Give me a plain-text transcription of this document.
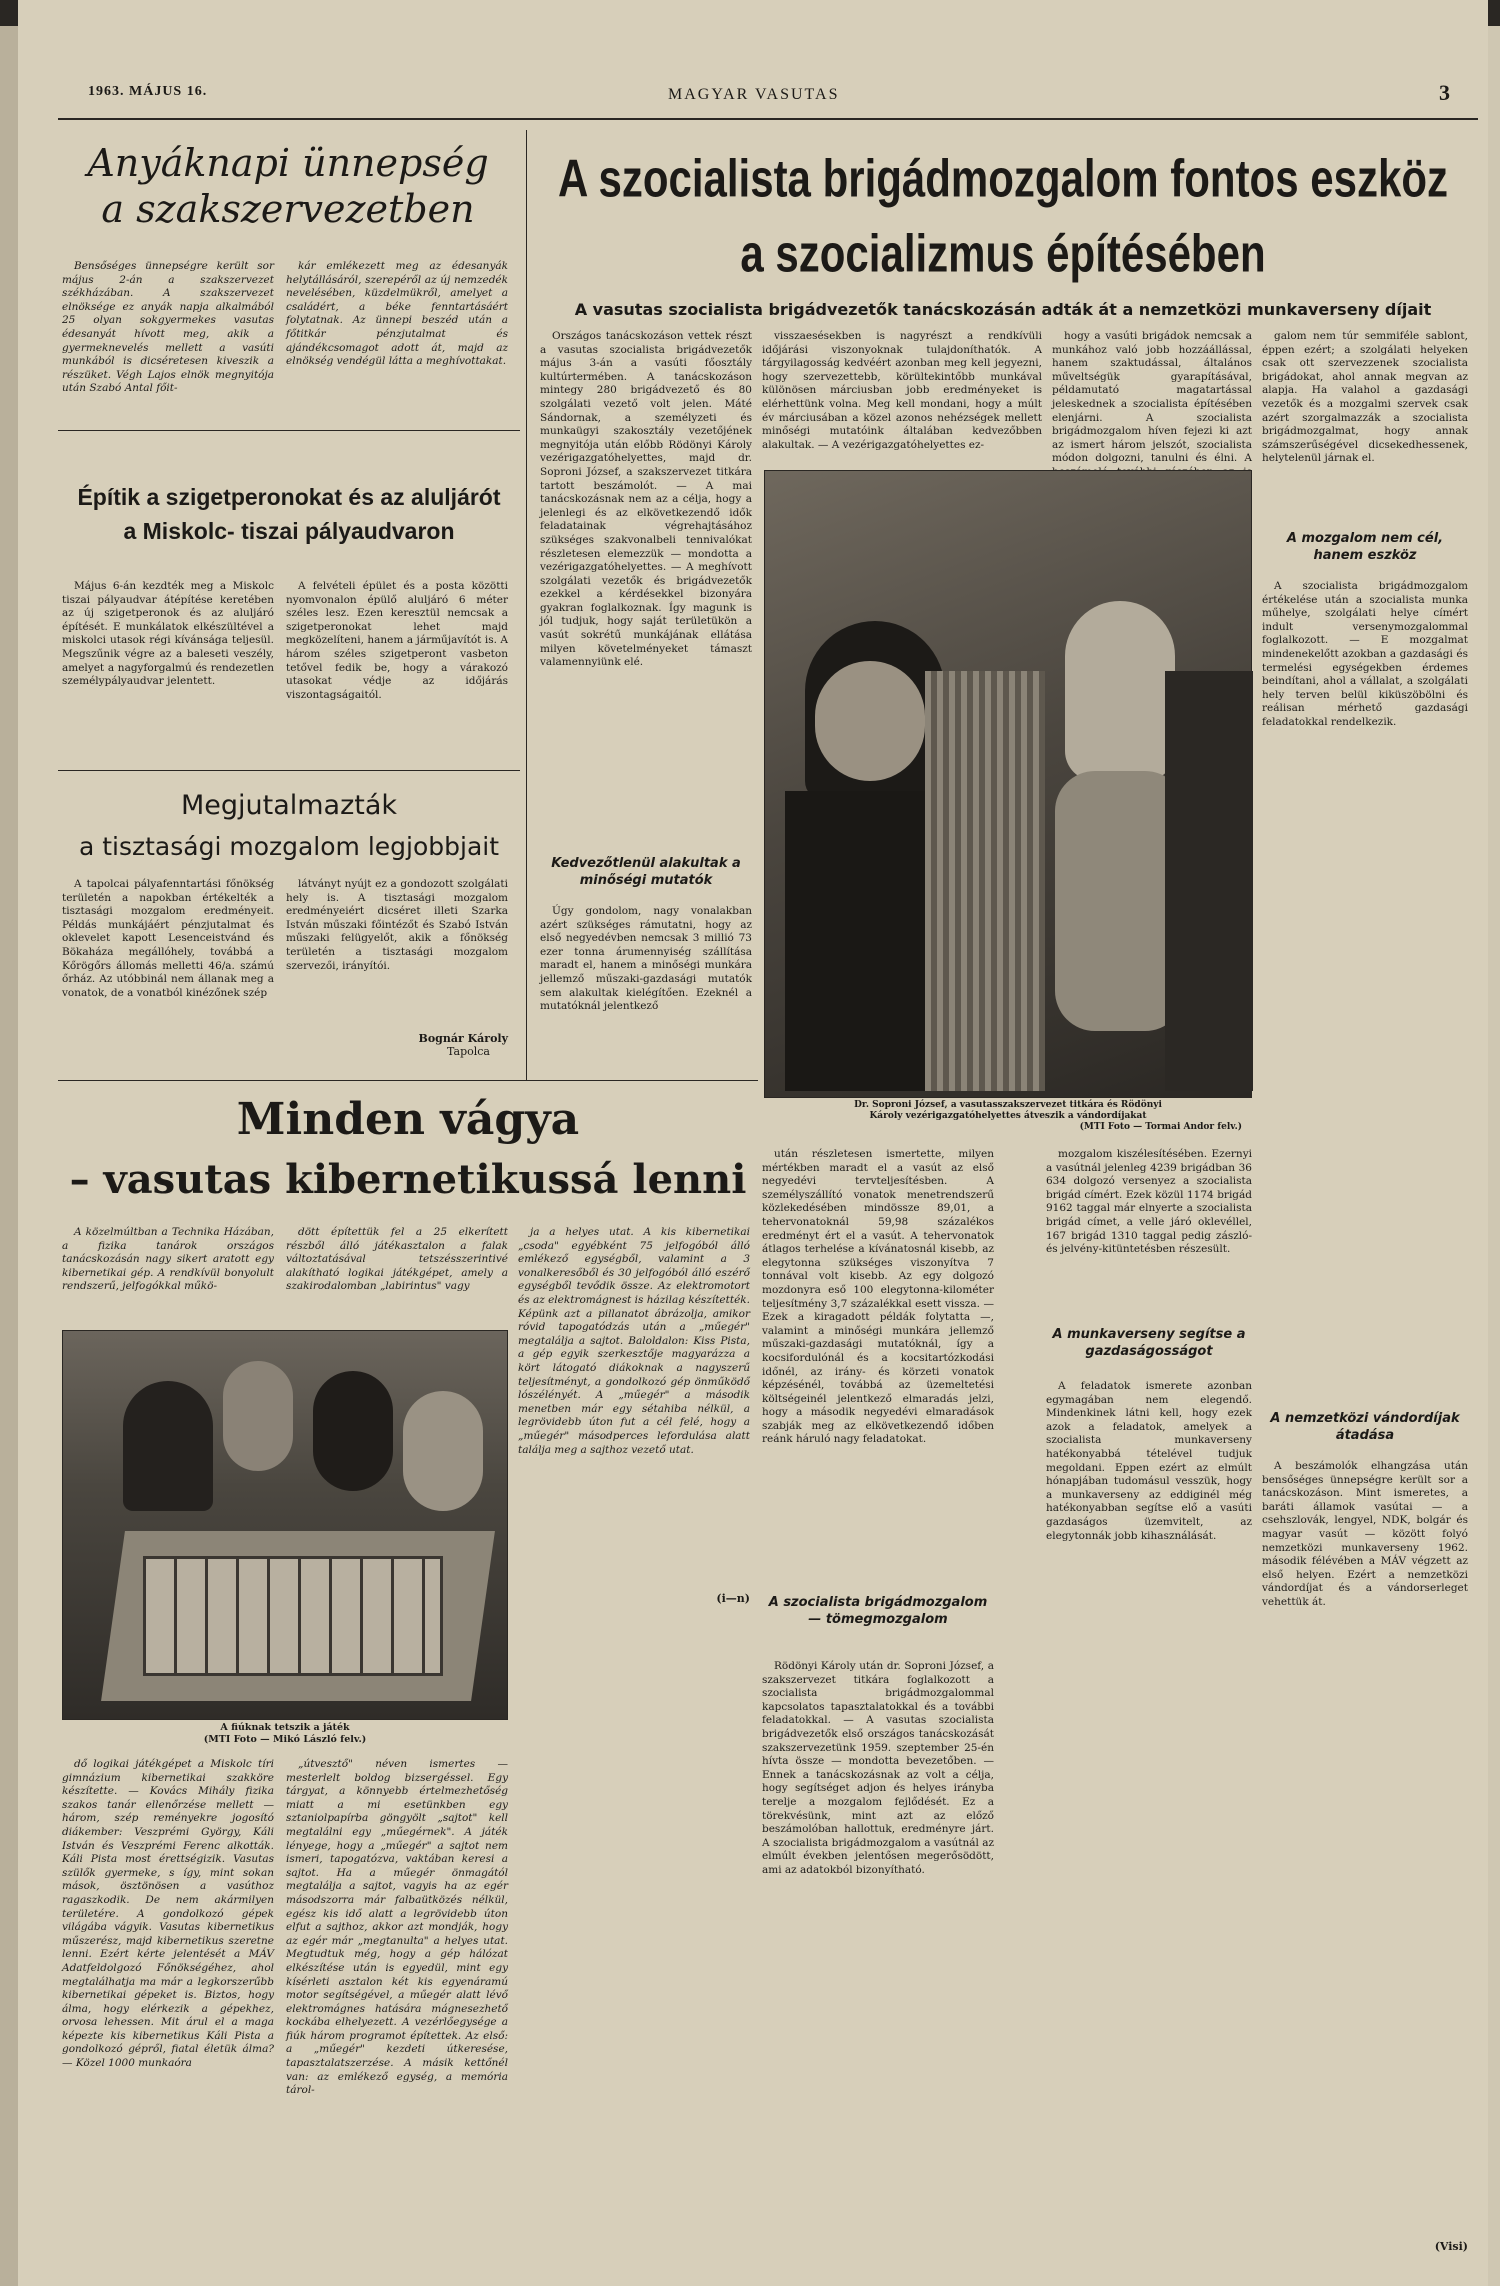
1963. MÁJUS 16.	MAGYAR VASUTAS	3
Anyáknapi ünnepség
a szakszervezetben

Bensőséges ünnepségre került sor május 2-án a szakszervezet székházában. A szakszervezet elnöksége ez anyák napja alkalmából 25 olyan sokgyermekes vasutas édesanyát hívott meg, akik a gyermeknevelés mellett a vasúti munkából is dicséretesen kiveszik a részüket. Végh Lajos elnök megnyitója után Szabó Antal főit-

kár emlékezett meg az édesanyák helytállásáról, szerepéről az új nemzedék nevelésében, küzdelmükről, amelyet a családért, a béke fenntartásáért folytatnak. Az ünnepi beszéd után a főtitkár pénzjutalmat és ajándékcsomagot adott át, majd az elnökség vendégül látta a meghívottakat.

Építik a szigetperonokat és az aluljárót
a Miskolc- tiszai pályaudvaron

Május 6-án kezdték meg a Miskolc tiszai pályaudvar átépítése keretében az új szigetperonok és az aluljáró építését. E munkálatok elkészültével a miskolci utasok régi kívánsága teljesül. Megszűnik végre az a baleseti veszély, amelyet a nagyforgalmú és rendezetlen személypályaudvar jelentett.

A felvételi épület és a posta közötti nyomvonalon épülő aluljáró 6 méter széles lesz. Ezen keresztül nemcsak a szigetperonokat lehet majd megközelíteni, hanem a járműjavítót is. A három széles szigetperont vasbeton tetővel fedik be, hogy a várakozó utasokat védje az időjárás viszontagságaitól.

Megjutalmazták
a tisztasági mozgalom legjobbjait

A tapolcai pályafenntartási főnökség területén a napokban értékelték a tisztasági mozgalom eredményeit. Példás munkájáért pénzjutalmat és oklevelet kapott Lesenceistvánd és Bökaháza megállóhely, továbbá a Kőrögőrs állomás melletti 46/a. számú őrház. Az utóbbinál nem állanak meg a vonatok, de a vonatból kinézőnek szép

látványt nyújt ez a gondozott szolgálati hely is. A tisztasági mozgalom eredményeiért dicséret illeti Szarka István műszaki főintézőt és Szabó István műszaki felügyelőt, akik a főnökség területén a tisztasági mozgalom szervezői, irányítói.

Bognár Károly
Tapolca
Minden vágya
– vasutas kibernetikussá lenni

A közelmúltban a Technika Házában, a fizika tanárok országos tanácskozásán nagy sikert aratott egy kibernetikai gép. A rendkívül bonyolult rendszerű, jelfogókkal műkö-

dött építettük fel a 25 elkerített részből álló játékasztalon a falak változtatásával tetszésszerintivé alakítható logikai játékgépet, amely a szakirodalomban „labirintus" vagy

A fiúknak tetszik a játék
(MTI Foto — Mikó László felv.)

ja a helyes utat. A kis kibernetikai „csoda" egyébként 75 jelfogóból álló emlékező egységből, valamint a 3 vonalkeresőből és 30 jelfogóból álló eszérő egységből tevődik össze. Az elektromotort és az elektromágnest is házilag készítették. Képünk azt a pillanatot ábrázolja, amikor róvid tapogatódzás után a „műegér" megtalálja a sajtot. Baloldalon: Kiss Pista, a gép egyik szerkesztője magyarázza a kört látogató diákoknak a nagyszerű teljesítményt, a gondolkozó gép önműködő lószélényét. A „műegér" a második menetben már egy sétahiba nélkül, a legrövidebb úton fut a cél felé, hogy a „műegér" másodperces lefordulása alatt találja meg a sajthoz vezető utat.

(i—n)

dő logikai játékgépet a Miskolc tíri gimnázium kibernetikai szakköre készítette. — Kovács Mihály fizika szakos tanár ellenőrzése mellett — három, szép reményekre jogosító diákember: Veszprémi György, Káli István és Veszprémi Ferenc alkották. Káli Pista most érettségizik. Vasutas szülők gyermeke, s így, mint sokan mások, ösztönösen a vasúthoz ragaszkodik. De nem akármilyen területére. A gondolkozó gépek világába vágyik. Vasutas kibernetikus műszerész, majd kibernetikus szeretne lenni. Ezért kérte jelentését a MÁV Adatfeldolgozó Főnökségéhez, ahol megtalálhatja ma már a legkorszerűbb kibernetikai gépeket is. Biztos, hogy álma, hogy elérkezik a gépekhez, orvosa lehessen. Mit árul el a maga képezte kis kibernetikus Káli Pista a gondolkozó gépről, fiatal életük álma? — Közel 1000 munkaóra

„útvesztő" néven ismertes — mesterlelt boldog bizsergéssel. Egy tárgyat, a könnyebb értelmezhetőség miatt a mi esetünkben egy sztaniolpapírba göngyölt „sajtot" kell megtalálni egy „műegérnek". A játék lényege, hogy a „műegér" a sajtot nem ismeri, tapogatózva, vaktában keresi a sajtot. Ha a műegér önmagától megtalálja a sajtot, vagyis ha az egér másodszorra már falbaütközés nélkül, egész kis idő alatt a legrövidebb úton elfut a sajthoz, akkor azt mondják, hogy az egér már „megtanulta" a helyes utat. Megtudtuk még, hogy a gép hálózat elkészítése után is egyedül, mint egy kísérleti asztalon két kis egyenáramú motor segítségével, a műegér alatt lévő elektromágnes hatására mágnesezhető kockába elhelyezett. A vezérlőegysége a fiúk három programot építettek. Az első: a „műegér" kezdeti útkeresése, tapasztalatszerzése. A másik kettőnél van: az emlékező egység, a memória tárol-

A szocialista brigádmozgalom fontos eszköz
a szocializmus építésében
A vasutas szocialista brigádvezetők tanácskozásán adták át a nemzetközi munkaverseny díjait

Országos tanácskozáson vettek részt a vasutas szocialista brigádvezetők május 3-án a vasúti főosztály kultúrtermében. A tanácskozáson mintegy 280 brigádvezető és 80 szolgálati vezető volt jelen. Máté Sándornak, a személyzeti és munkaügyi szakosztály vezetőjének megnyitója után előbb Rödönyi Károly vezérigazgatóhelyettes, majd dr. Soproni József, a szakszervezet titkára tartott beszámolót. — A mai tanácskozásnak nem az a célja, hogy a jelenlegi és az elkövetkezendő idők feladatainak végrehajtásához szükséges szakvonalbeli tennivalókat részletesen elemezzük — mondotta a vezérigazgatóhelyettes. — A meghívott szolgálati vezetők és brigádvezetők ezekkel a kérdésekkel bizonyára gyakran foglalkoznak. Így magunk is jól tudjuk, hogy saját területükön a vasút sokrétű munkájának ellátása milyen követelményeket támaszt valamennyiünk elé.

Kedvezőtlenül alakultak a minőségi mutatók

Úgy gondolom, nagy vonalakban azért szükséges rámutatni, hogy az első negyedévben nemcsak 3 millió 73 ezer tonna árumennyiség szállítása maradt el, hanem a minőségi munkára jellemző műszaki-gazdasági mutatók sem alakultak kielégítően. Ezeknél a mutatóknál jelentkező

visszaesésekben is nagyrészt a rendkívüli időjárási viszonyoknak tulajdoníthatók. A tárgyilagosság kedvéért azonban meg kell jegyezni, hogy szervezettebb, körültekintőbb munkával különösen márciusban jobb eredményeket is elérhettünk volna. Meg kell mondani, hogy a múlt év márciusában a közel azonos nehézségek mellett minőségi mutatóink általában kedvezőbben alakultak. — A vezérigazgatóhelyettes ez-

hogy a vasúti brigádok nemcsak a munkához való jobb hozzáállással, hanem szaktudással, általános műveltségük gyarapításával, példamutató magatartással jeleskednek a szocialista építésében elenjárni. A szocialista brigádmozgalom híven fejezi ki azt az ismert három jelszót, szocialista módon dolgozni, tanulni és élni. A

Dr. Soproni József, a vasutasszakszervezet titkára és Rödönyi
Károly vezérigazgatóhelyettes átveszik a vándordíjakat
(MTI Foto — Tormai Andor felv.)

után részletesen ismertette, milyen mértékben maradt el a vasút az első negyedévi tervteljesítésben. A személyszállító vonatok menetrendszerű közlekedésében mindössze 89,01, a tehervonatoknál 59,98 százalékos eredményt ért el a vasút. A tehervonatok átlagos terhelése a kívánatosnál kisebb, az elegytonna szükséges viszonyítva 7 tonnával volt kisebb. Az egy dolgozó mozdonyra eső 100 elegytonna-kilométer teljesítmény 3,7 százalékkal esett vissza. — Ezek a kiragadott példák folytatta —, valamint a minőségi munkára jellemző műszaki-gazdasági mutatóknál, így a kocsifordulónál és a kocsitartózkodási időnél, az irány- és körzeti vonatok képzésénél, továbbá az üzemeltetési költségeinél jelentkező elmaradás jelzi, hogy a második negyedévi elmaradások szabják meg az elkövetkezendő időben reánk háruló nagy feladatokat.

A szocialista brigádmozgalom — tömegmozgalom

Rödönyi Károly után dr. Soproni József, a szakszervezet titkára foglalkozott a szocialista brigádmozgalommal kapcsolatos tapasztalatokkal és a további feladatokkal. — A vasutas szocialista brigádvezetők első országos tanácskozását szakszervezetünk 1959. szeptember 25-én hívta össze — mondotta bevezetőben. — Ennek a tanácskozásnak az volt a célja, hogy segítséget adjon és helyes irányba terelje a mozgalom fejlődését. Ez a törekvésünk, mint azt az előző beszámolóban hallottuk, eredményre járt. A szocialista brigádmozgalom a vasútnál az elmúlt években jelentősen megerősödött, ami az adatokból bizonyítható.

mozgalom kiszélesítésében. Ezernyi a vasútnál jelenleg 4239 brigádban 36 634 dolgozó versenyez a szocialista brigád címért. Ezek közül 1174 brigád 9162 taggal már elnyerte a szocialista brigád címet, a velle járó oklevéllel, 167 brigád 1310 taggal pedig zászló- és jelvény-kitüntetésben részesült.

A munkaverseny segítse a gazdaságosságot

A feladatok ismerete azonban egymagában nem elegendő. Mindenkinek látni kell, hogy ezek azok a feladatok, amelyek a szocialista munkaverseny hatékonyabbá tételével tudjuk megoldani. Eppen ezért az elmúlt hónapjában tudomásul vesszük, hogy a munkaverseny az eddiginél még hatékonyabban segítse elő a vasúti gazdaságos üzemvitelt, az elegytonnák jobb kihasználását.

galom nem túr semmiféle sablont, éppen ezért; a szolgálati helyeken csak ott szervezzenek szocialista brigádokat, ahol annak megvan az alapja. Ha valahol a gazdasági vezetők és a mozgalmi szervek csak azért szorgalmazzák a szocialista brigádmozgalmat, hogy annak számszerűségével dicsekedhessenek, helytelenül járnak el.

A mozgalom nem cél, hanem eszköz

A szocialista brigádmozgalom értékelése után a szocialista munka műhelye, szolgálati helye címért indult versenymozgalommal foglalkozott. — E mozgalmat mindenekelőtt azokban a gazdasági és termelési egységekben érdemes beindítani, ahol a vállalat, a szolgálati hely terven belül kiküszöbölni és reálisan mérhető gazdasági feladatokkal rendelkezik.

A nemzetközi vándordíjak átadása

A beszámolók elhangzása után bensőséges ünnepségre került sor a tanácskozáson. Mint ismeretes, a baráti államok vasútai — a csehszlovák, lengyel, NDK, bolgár és magyar vasút — között folyó nemzetközi munkaverseny 1962. második félévében a MÁV végzett az első helyen. Ezért a nemzetközi vándordíjat és a vándorserleget vehettük át.

(Visi)
